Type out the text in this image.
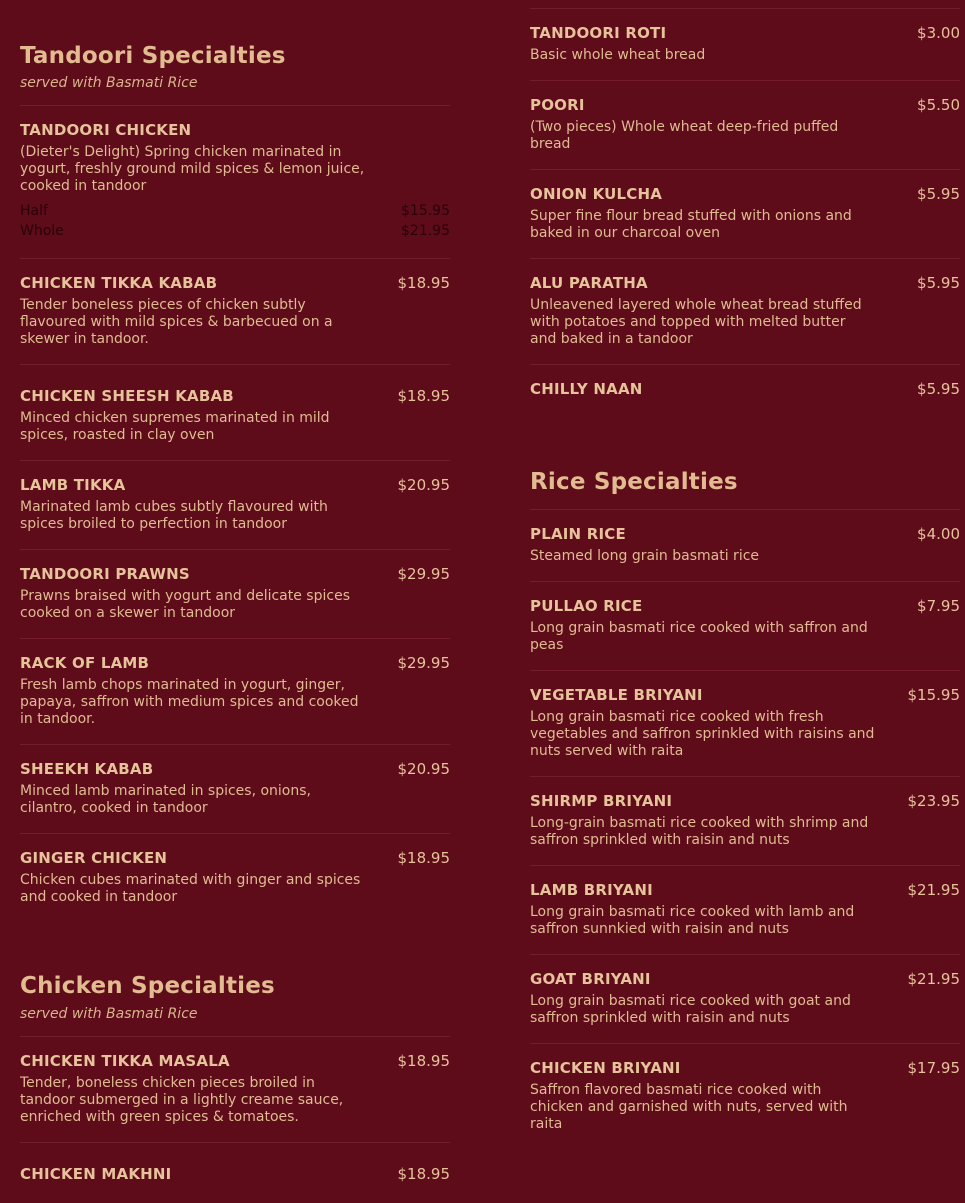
Tandoori Specialties
served with Basmati Rice
TANDOORI CHICKEN
(Dieter's Delight) Spring chicken marinated in yogurt, freshly ground mild spices & lemon juice, cooked in tandoor
Half	$15.95
Whole	$21.95
CHICKEN TIKKA KABAB	$18.95
Tender boneless pieces of chicken subtly flavoured with mild spices & barbecued on a skewer in tandoor.
CHICKEN SHEESH KABAB	$18.95
Minced chicken supremes marinated in mild spices, roasted in clay oven
LAMB TIKKA	$20.95
Marinated lamb cubes subtly flavoured with spices broiled to perfection in tandoor
TANDOORI PRAWNS	$29.95
Prawns braised with yogurt and delicate spices cooked on a skewer in tandoor
RACK OF LAMB	$29.95
Fresh lamb chops marinated in yogurt, ginger, papaya, saffron with medium spices and cooked in tandoor.
SHEEKH KABAB	$20.95
Minced lamb marinated in spices, onions, cilantro, cooked in tandoor
GINGER CHICKEN	$18.95
Chicken cubes marinated with ginger and spices and cooked in tandoor
Chicken Specialties
served with Basmati Rice
CHICKEN TIKKA MASALA	$18.95
Tender, boneless chicken pieces broiled in tandoor submerged in a lightly creame sauce, enriched with green spices & tomatoes.
CHICKEN MAKHNI	$18.95
TANDOORI ROTI	$3.00
Basic whole wheat bread
POORI	$5.50
(Two pieces) Whole wheat deep-fried puffed bread
ONION KULCHA	$5.95
Super fine flour bread stuffed with onions and baked in our charcoal oven
ALU PARATHA	$5.95
Unleavened layered whole wheat bread stuffed with potatoes and topped with melted butter and baked in a tandoor
CHILLY NAAN	$5.95
Rice Specialties
PLAIN RICE	$4.00
Steamed long grain basmati rice
PULLAO RICE	$7.95
Long grain basmati rice cooked with saffron and peas
VEGETABLE BRIYANI	$15.95
Long grain basmati rice cooked with fresh vegetables and saffron sprinkled with raisins and nuts served with raita
SHIRMP BRIYANI	$23.95
Long-grain basmati rice cooked with shrimp and saffron sprinkled with raisin and nuts
LAMB BRIYANI	$21.95
Long grain basmati rice cooked with lamb and saffron sunnkied with raisin and nuts
GOAT BRIYANI	$21.95
Long grain basmati rice cooked with goat and saffron sprinkled with raisin and nuts
CHICKEN BRIYANI	$17.95
Saffron flavored basmati rice cooked with chicken and garnished with nuts, served with raita
